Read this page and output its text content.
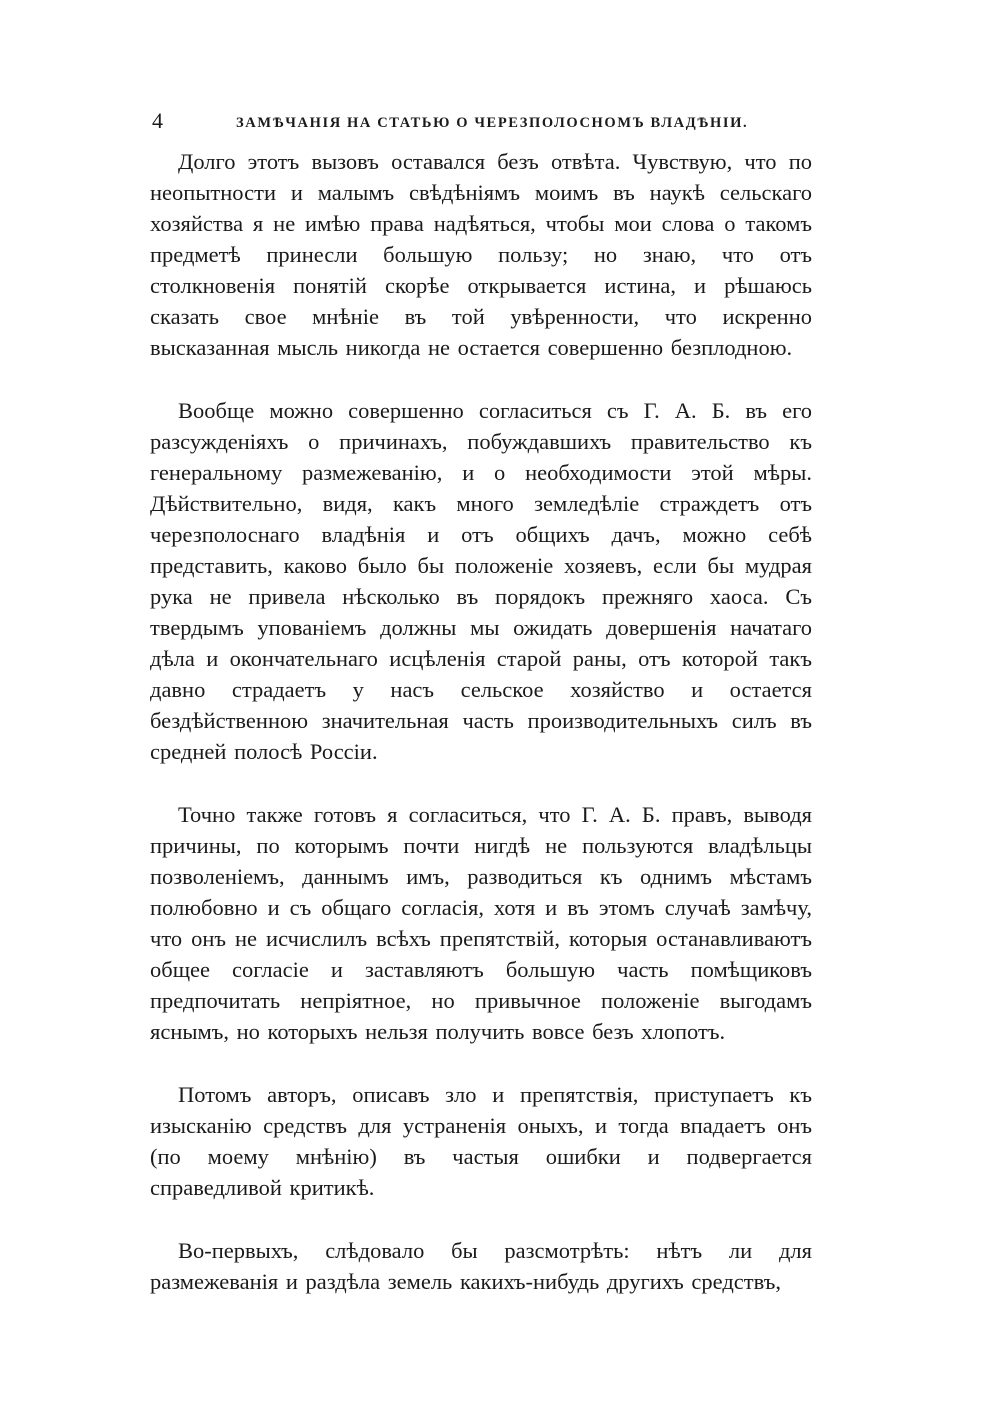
4	ЗАМѢЧАНІЯ НА СТАТЬЮ О ЧЕРЕЗПОЛОСНОМЪ ВЛАДѢНІИ.

Долго этотъ вызовъ оставался безъ отвѣта. Чувствую, что по неопытности и малымъ свѣдѣніямъ моимъ въ наукѣ сельскаго хозяйства я не имѣю права надѣяться, чтобы мои слова о такомъ предметѣ принесли большую пользу; но знаю, что отъ столкновенія понятій скорѣе открывается истина, и рѣшаюсь сказать свое мнѣніе въ той увѣренности, что искренно высказанная мысль никогда не остается совершенно безплодною.

Вообще можно совершенно согласиться съ Г. А. Б. въ его разсужденіяхъ о причинахъ, побуждавшихъ правительство къ генеральному размежеванію, и о необходимости этой мѣры. Дѣйствительно, видя, какъ много земледѣліе страждетъ отъ черезполоснаго владѣнія и отъ общихъ дачъ, можно себѣ представить, каково было бы положеніе хозяевъ, если бы мудрая рука не привела нѣсколько въ порядокъ прежняго хаоса. Съ твердымъ упованіемъ должны мы ожидать довершенія начатаго дѣла и окончательнаго исцѣленія старой раны, отъ которой такъ давно страдаетъ у насъ сельское хозяйство и остается бездѣйственною значительная часть производительныхъ силъ въ средней полосѣ Россіи.

Точно также готовъ я согласиться, что Г. А. Б. правъ, выводя причины, по которымъ почти нигдѣ не пользуются владѣльцы позволеніемъ, даннымъ имъ, разводиться къ однимъ мѣстамъ полюбовно и съ общаго согласія, хотя и въ этомъ случаѣ замѣчу, что онъ не исчислилъ всѣхъ препятствій, которыя останавливаютъ общее согласіе и заставляютъ большую часть помѣщиковъ предпочитать непріятное, но привычное положеніе выгодамъ яснымъ, но которыхъ нельзя получить вовсе безъ хлопотъ.

Потомъ авторъ, описавъ зло и препятствія, приступаетъ къ изысканію средствъ для устраненія оныхъ, и тогда впадаетъ онъ (по моему мнѣнію) въ частыя ошибки и подвергается справедливой критикѣ.

Во-первыхъ, слѣдовало бы разсмотрѣть: нѣтъ ли для размежеванія и раздѣла земель какихъ-нибудь другихъ средствъ,
